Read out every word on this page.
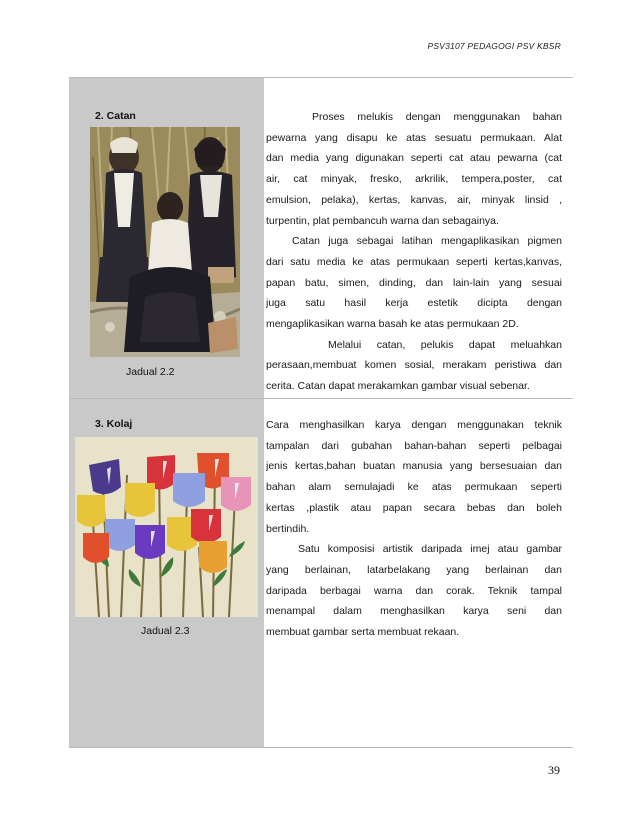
PSV3107 PEDAGOGI PSV KBSR
2. Catan
Jadual 2.2
Proses melukis dengan menggunakan bahan
pewarna yang disapu ke atas sesuatu permukaan. Alat
dan media yang digunakan seperti cat atau pewarna (cat
air, cat minyak, fresko, arkrilik, tempera,poster, cat
emulsion, pelaka), kertas, kanvas, air, minyak linsid ,
turpentin, plat pembancuh warna dan sebagainya.
Catan juga sebagai latihan mengaplikasikan pigmen
dari satu media ke atas permukaan seperti kertas,kanvas,
papan batu, simen, dinding, dan lain-lain yang sesuai
juga satu hasil kerja estetik dicipta dengan
mengaplikasikan warna basah ke atas permukaan 2D.
Melalui catan, pelukis dapat meluahkan
perasaan,membuat komen sosial, merakam peristiwa dan
cerita. Catan dapat merakamkan gambar visual sebenar.
3. Kolaj
Jadual 2.3
Cara menghasilkan karya dengan menggunakan teknik
tampalan dari gubahan bahan-bahan seperti pelbagai
jenis kertas,bahan buatan manusia yang bersesuaian dan
bahan alam semulajadi ke atas permukaan seperti
kertas ,plastik atau papan secara bebas dan boleh
bertindih.
Satu komposisi artistik daripada imej atau gambar
yang berlainan, latarbelakang yang berlainan dan
daripada berbagai warna dan corak. Teknik tampal
menampal dalam menghasilkan karya seni dan
membuat gambar serta membuat rekaan.
39
